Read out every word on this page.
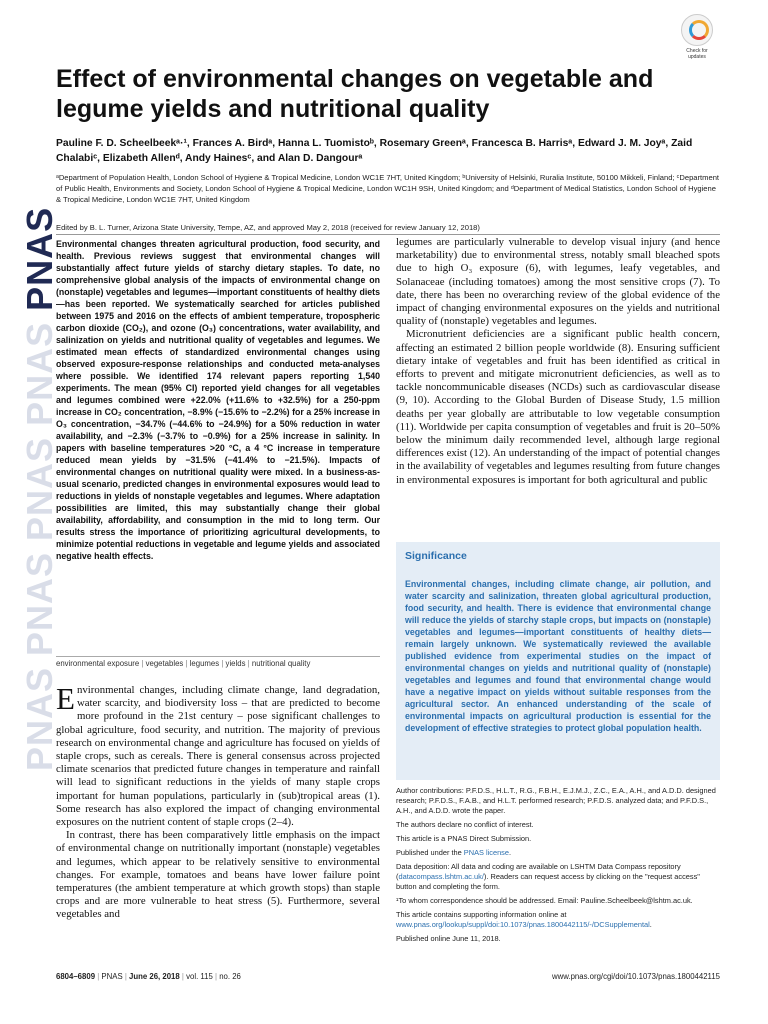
PNAS PNAS PNAS PNAS PNAS
Check for updates
Effect of environmental changes on vegetable and legume yields and nutritional quality
Pauline F. D. Scheelbeekᵃ·¹, Frances A. Birdᵃ, Hanna L. Tuomistoᵇ, Rosemary Greenᵃ, Francesca B. Harrisᵃ, Edward J. M. Joyᵃ, Zaid Chalabiᶜ, Elizabeth Allenᵈ, Andy Hainesᶜ, and Alan D. Dangourᵃ
ᵃDepartment of Population Health, London School of Hygiene & Tropical Medicine, London WC1E 7HT, United Kingdom; ᵇUniversity of Helsinki, Ruralia Institute, 50100 Mikkeli, Finland; ᶜDepartment of Public Health, Environments and Society, London School of Hygiene & Tropical Medicine, London WC1H 9SH, United Kingdom; and ᵈDepartment of Medical Statistics, London School of Hygiene & Tropical Medicine, London WC1E 7HT, United Kingdom
Edited by B. L. Turner, Arizona State University, Tempe, AZ, and approved May 2, 2018 (received for review January 12, 2018)
Environmental changes threaten agricultural production, food security, and health. Previous reviews suggest that environmental changes will substantially affect future yields of starchy dietary staples. To date, no comprehensive global analysis of the impacts of environmental change on (nonstaple) vegetables and legumes—important constituents of healthy diets—has been reported. We systematically searched for articles published between 1975 and 2016 on the effects of ambient temperature, tropospheric carbon dioxide (CO₂), and ozone (O₃) concentrations, water availability, and salinization on yields and nutritional quality of vegetables and legumes. We estimated mean effects of standardized environmental changes using observed exposure-response relationships and conducted meta-analyses where possible. We identified 174 relevant papers reporting 1,540 experiments. The mean (95% CI) reported yield changes for all vegetables and legumes combined were +22.0% (+11.6% to +32.5%) for a 250-ppm increase in CO₂ concentration, −8.9% (−15.6% to −2.2%) for a 25% increase in O₃ concentration, −34.7% (−44.6% to −24.9%) for a 50% reduction in water availability, and −2.3% (−3.7% to −0.9%) for a 25% increase in salinity. In papers with baseline temperatures >20 °C, a 4 °C increase in temperature reduced mean yields by −31.5% (−41.4% to −21.5%). Impacts of environmental changes on nutritional quality were mixed. In a business-as-usual scenario, predicted changes in environmental exposures would lead to reductions in yields of nonstaple vegetables and legumes. Where adaptation possibilities are limited, this may substantially change their global availability, affordability, and consumption in the mid to long term. Our results stress the importance of prioritizing agricultural developments, to minimize potential reductions in vegetable and legume yields and associated negative health effects.
environmental exposure | vegetables | legumes | yields | nutritional quality

Environmental changes, including climate change, land degradation, water scarcity, and biodiversity loss – that are predicted to become more profound in the 21st century – pose significant challenges to global agriculture, food security, and nutrition. The majority of previous research on environmental change and agriculture has focused on yields of staple crops, such as cereals. There is general consensus across projected climate scenarios that predicted future changes in temperature and rainfall will lead to significant reductions in the yields of many staple crops important for human populations, particularly in (sub)tropical areas (1). Some research has also explored the impact of changing environmental exposures on the nutrient content of staple crops (2–4).

In contrast, there has been comparatively little emphasis on the impact of environmental change on nutritionally important (nonstaple) vegetables and legumes, which appear to be relatively sensitive to environmental changes. For example, tomatoes and beans have lower failure point temperatures (the ambient temperature at which growth stops) than staple crops and are more vulnerable to heat stress (5). Furthermore, several vegetables and

legumes are particularly vulnerable to develop visual injury (and hence marketability) due to environmental stress, notably small bleached spots due to high O₃ exposure (6), with legumes, leafy vegetables, and Solanaceae (including tomatoes) among the most sensitive crops (7). To date, there has been no overarching review of the global evidence of the impact of changing environmental exposures on the yields and nutritional quality of (nonstaple) vegetables and legumes.

Micronutrient deficiencies are a significant public health concern, affecting an estimated 2 billion people worldwide (8). Ensuring sufficient dietary intake of vegetables and fruit has been identified as critical in efforts to prevent and mitigate micronutrient deficiencies, as well as to tackle noncommunicable diseases (NCDs) such as cardiovascular disease (9, 10). According to the Global Burden of Disease Study, 1.5 million deaths per year globally are attributable to low vegetable consumption (11). Worldwide per capita consumption of vegetables and fruit is 20–50% below the minimum daily recommended level, although large regional differences exist (12). An understanding of the impact of potential changes in the availability of vegetables and legumes resulting from future changes in environmental exposures is important for both agricultural and public

Significance
Environmental changes, including climate change, air pollution, and water scarcity and salinization, threaten global agricultural production, food security, and health. There is evidence that environmental change will reduce the yields of starchy staple crops, but impacts on (nonstaple) vegetables and legumes—important constituents of healthy diets—remain largely unknown. We systematically reviewed the available published evidence from experimental studies on the impact of environmental changes on yields and nutritional quality of (nonstaple) vegetables and legumes and found that environmental change would have a negative impact on yields without suitable responses from the agricultural sector. An enhanced understanding of the scale of environmental impacts on agricultural production is essential for the development of effective strategies to protect global population health.

Author contributions: P.F.D.S., H.L.T., R.G., F.B.H., E.J.M.J., Z.C., E.A., A.H., and A.D.D. designed research; P.F.D.S., F.A.B., and H.L.T. performed research; P.F.D.S. analyzed data; and P.F.D.S., A.H., and A.D.D. wrote the paper.

The authors declare no conflict of interest.

This article is a PNAS Direct Submission.

Published under the PNAS license.

Data deposition: All data and coding are available on LSHTM Data Compass repository (datacompass.lshtm.ac.uk/). Readers can request access by clicking on the "request access" button and completing the form.

¹To whom correspondence should be addressed. Email: Pauline.Scheelbeek@lshtm.ac.uk.

This article contains supporting information online at www.pnas.org/lookup/suppl/doi:10.1073/pnas.1800442115/-/DCSupplemental.

Published online June 11, 2018.

6804–6809 | PNAS | June 26, 2018 | vol. 115 | no. 26	www.pnas.org/cgi/doi/10.1073/pnas.1800442115
